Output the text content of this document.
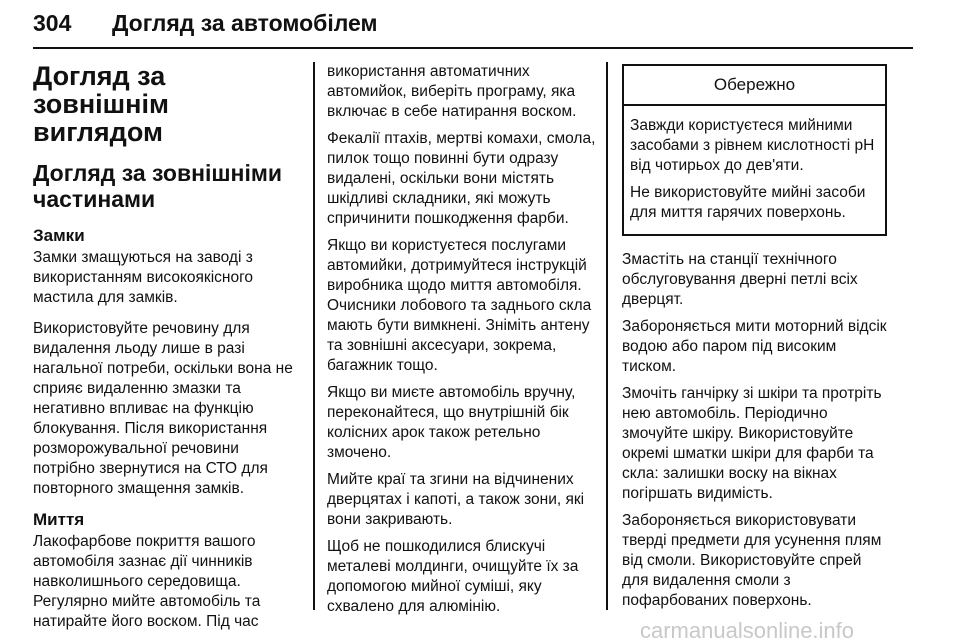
304 Догляд за автомобілем
Догляд за зовнішнім виглядом
Догляд за зовнішніми частинами
Замки

Замки змащуються на заводі з використанням високоякісного мастила для замків.

Використовуйте речовину для видалення льоду лише в разі нагальної потреби, оскільки вона не сприяє видаленню змазки та негативно впливає на функцію блокування. Після використання розморожувальної речовини потрібно звернутися на СТО для повторного змащення замків.

Миття

Лакофарбове покриття вашого автомобіля зазнає дії чинників навколишнього середовища. Регулярно мийте автомобіль та натирайте його воском. Під час

використання автоматичних автомийок, виберіть програму, яка включає в себе натирання воском.

Фекалії птахів, мертві комахи, смола, пилок тощо повинні бути одразу видалені, оскільки вони містять шкідливі складники, які можуть спричинити пошкодження фарби.

Якщо ви користуєтеся послугами автомийки, дотримуйтеся інструкцій виробника щодо миття автомобіля. Очисники лобового та заднього скла мають бути вимкнені. Зніміть антену та зовнішні аксесуари, зокрема, багажник тощо.

Якщо ви миєте автомобіль вручну, переконайтеся, що внутрішній бік колісних арок також ретельно змочено.

Мийте краї та згини на відчинених дверцятах і капоті, а також зони, які вони закривають.

Щоб не пошкодилися блискучі металеві молдинги, очищуйте їх за допомогою мийної суміші, яку схвалено для алюмінію.

Обережно

Завжди користуєтеся мийними засобами з рівнем кислотності рН від чотирьох до дев'яти.

Не використовуйте мийні засоби для миття гарячих поверхонь.

Змастіть на станції технічного обслуговування дверні петлі всіх дверцят.

Забороняється мити моторний відсік водою або паром під високим тиском.

Змочіть ганчірку зі шкіри та протріть нею автомобіль. Періодично змочуйте шкіру. Використовуйте окремі шматки шкіри для фарби та скла: залишки воску на вікнах погіршать видимість.

Забороняється використовувати тверді предмети для усунення плям від смоли. Використовуйте спрей для видалення смоли з пофарбованих поверхонь.

carmanualsonline.info
